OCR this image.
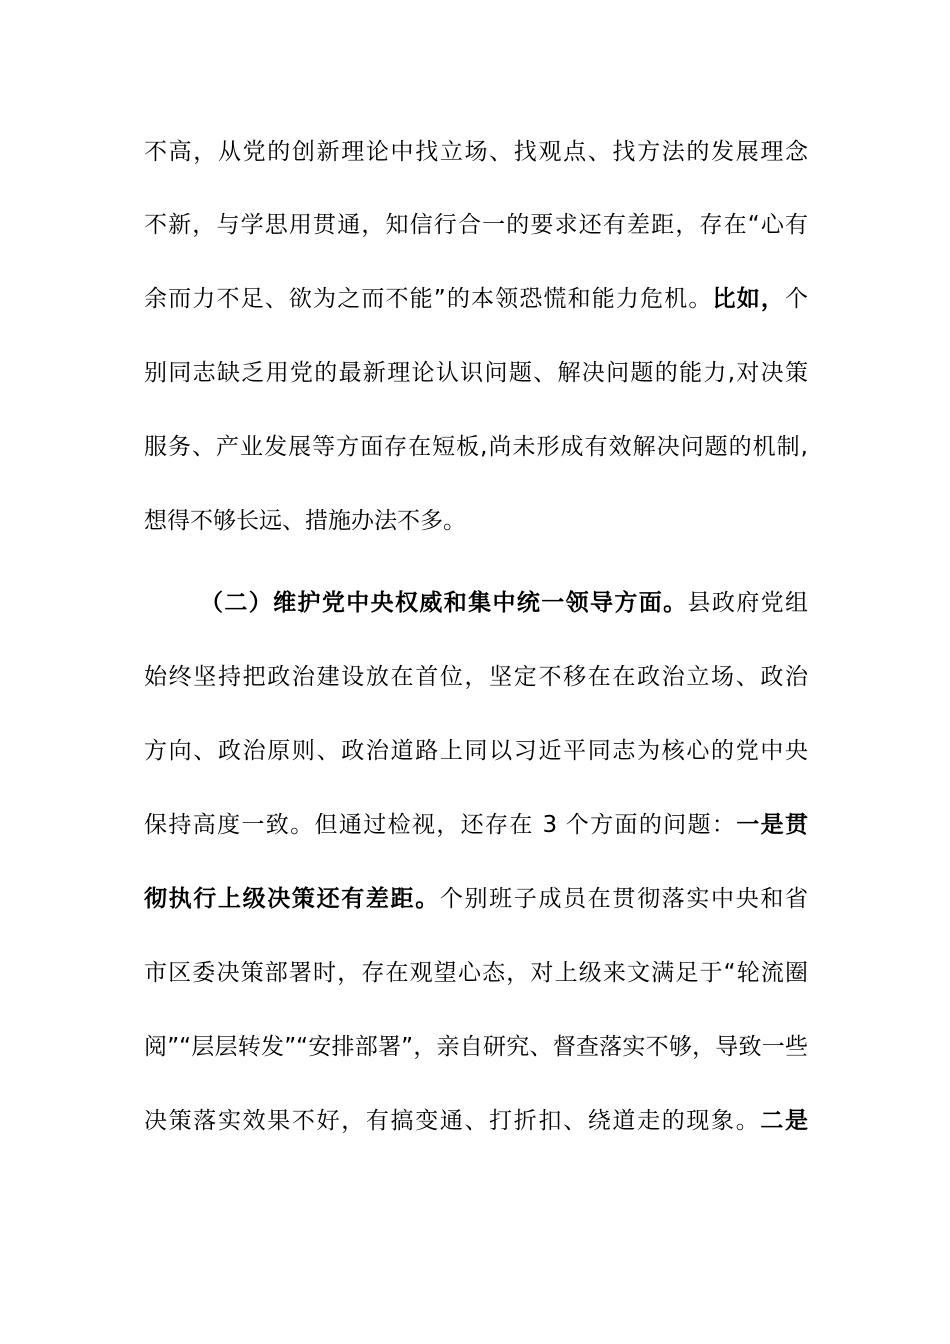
不高，从党的创新理论中找立场、找观点、找方法的发展理念
不新，与学思用贯通，知信行合一的要求还有差距，存在“心有
余而力不足、欲为之而不能”的本领恐慌和能力危机。比如，个
别同志缺乏用党的最新理论认识问题、解决问题的能力,对决策
服务、产业发展等方面存在短板,尚未形成有效解决问题的机制,
想得不够长远、措施办法不多。
（二）维护党中央权威和集中统一领导方面。县政府党组
始终坚持把政治建设放在首位，坚定不移在在政治立场、政治
方向、政治原则、政治道路上同以习近平同志为核心的党中央
保持高度一致。但通过检视，还存在 3 个方面的问题：一是贯
彻执行上级决策还有差距。个别班子成员在贯彻落实中央和省
市区委决策部署时，存在观望心态，对上级来文满足于“轮流圈
阅”“层层转发”“安排部署”，亲自研究、督查落实不够，导致一些
决策落实效果不好，有搞变通、打折扣、绕道走的现象。二是
